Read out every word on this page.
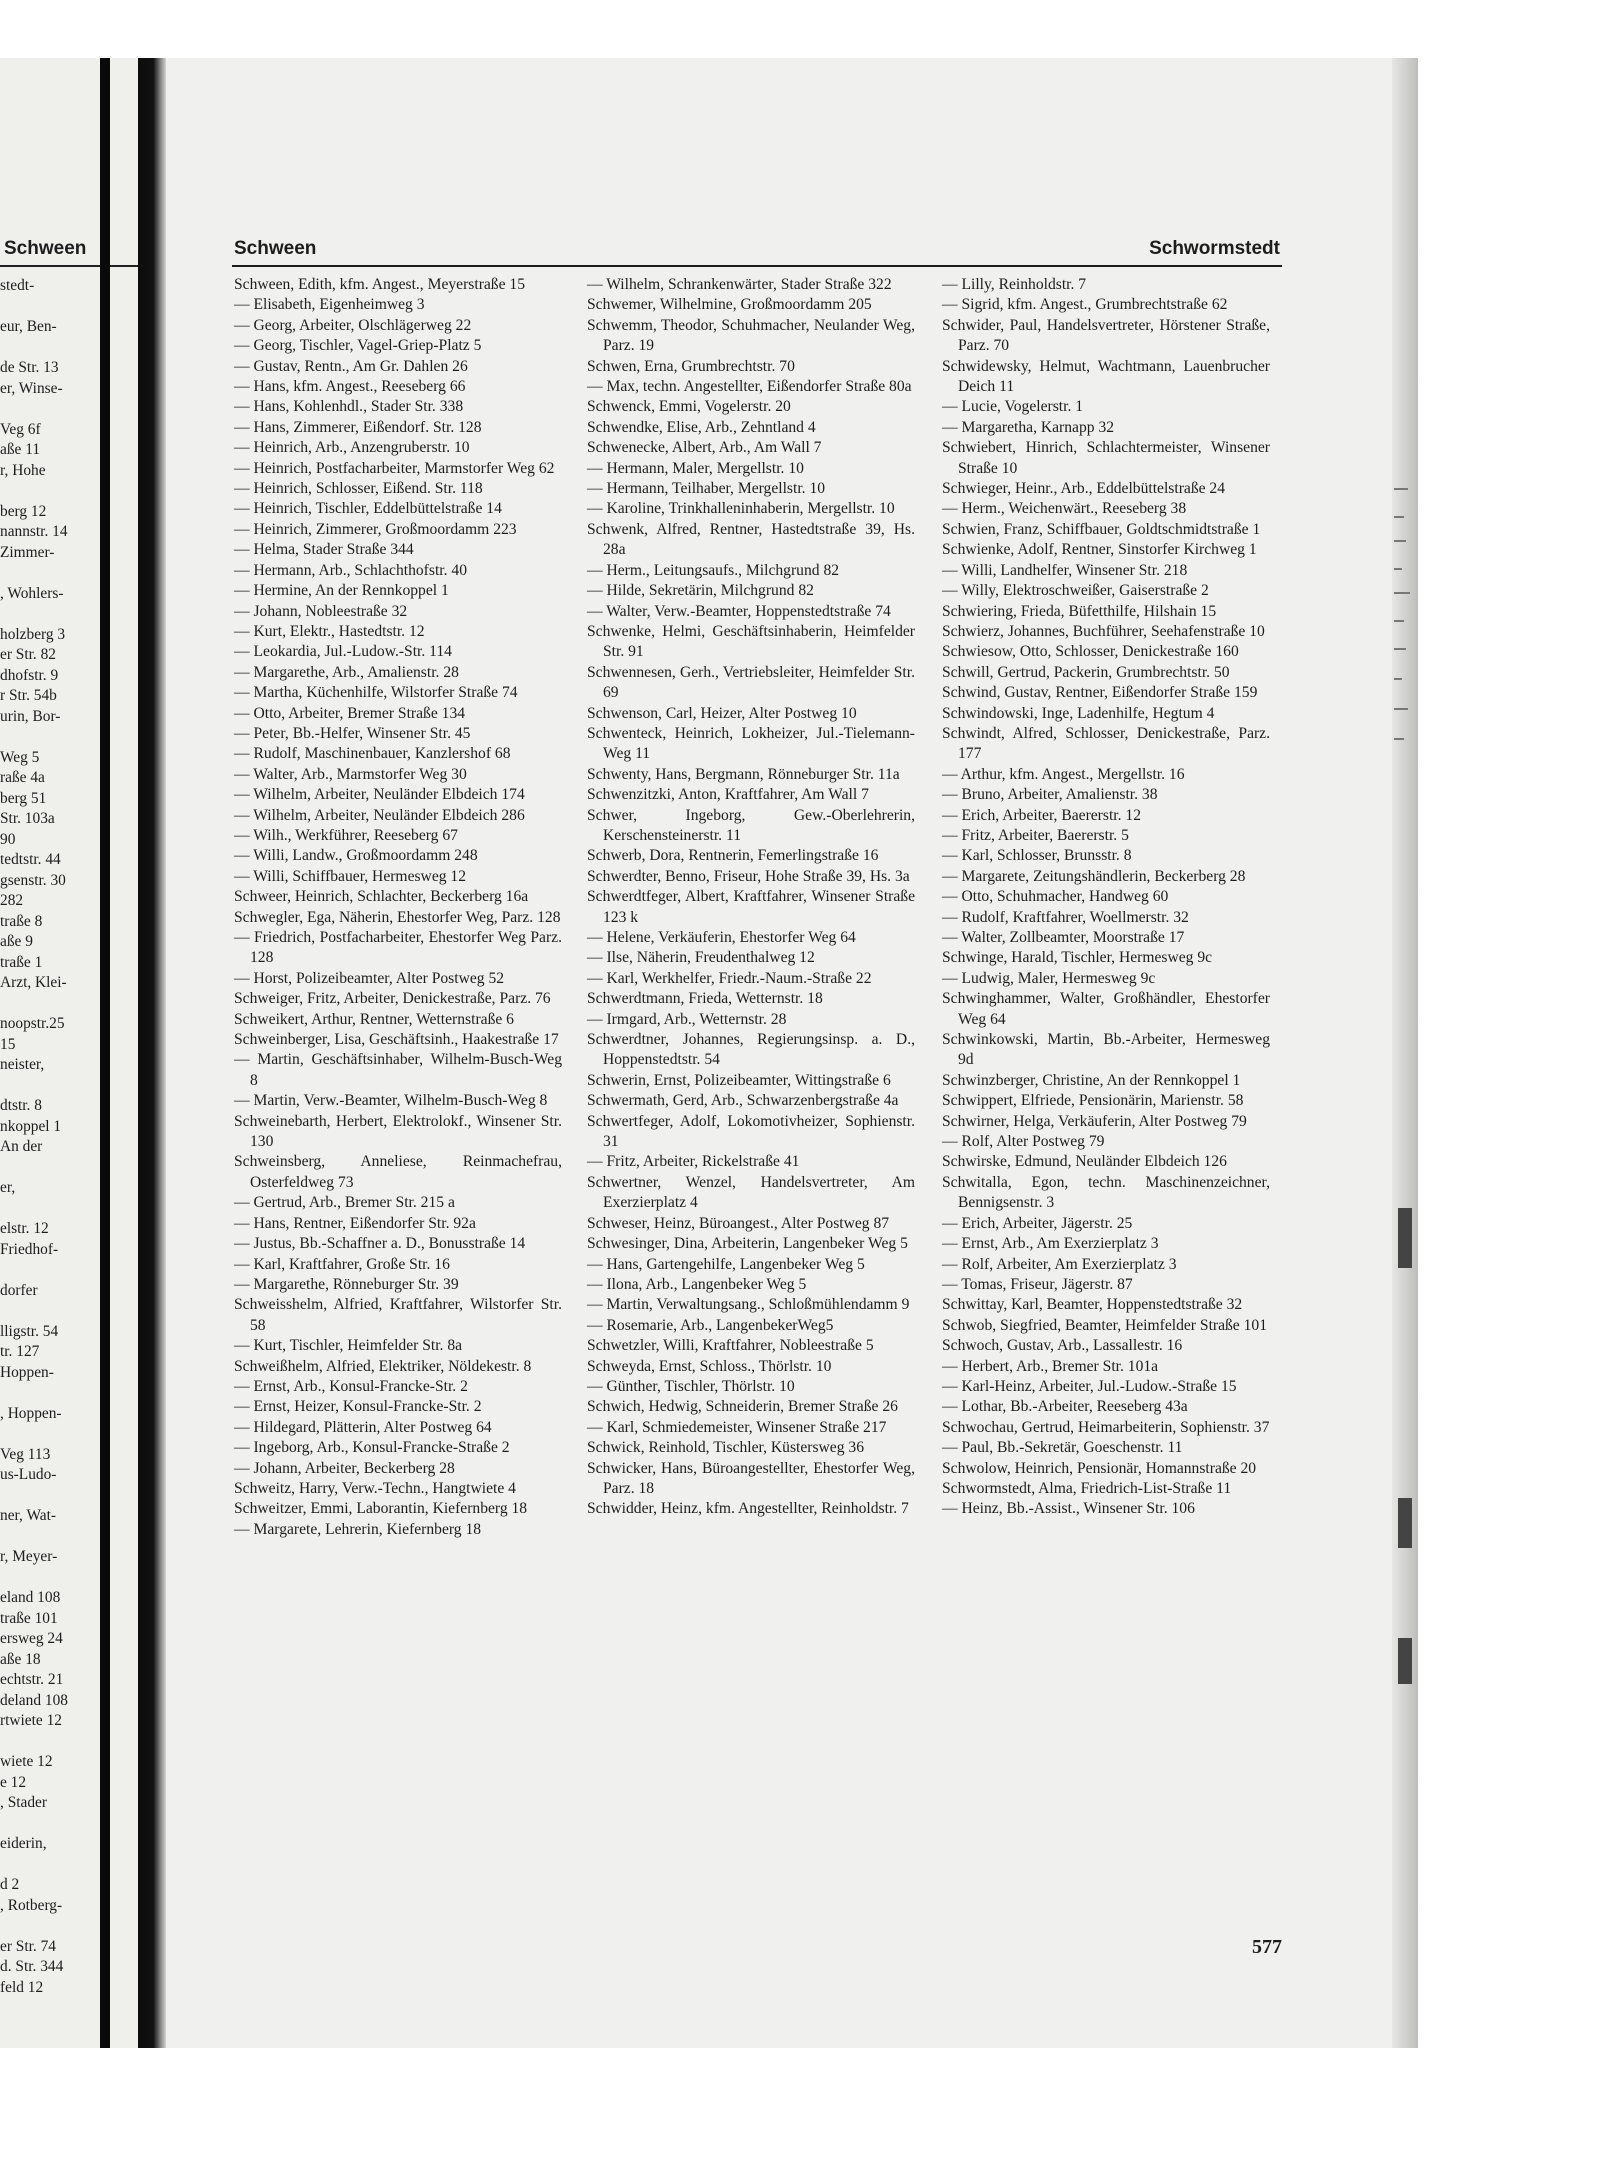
Schween
stedt-

eur, Ben-

de Str. 13
er, Winse-

Veg 6f
aße 11
r, Hohe

berg 12
nannstr. 14
Zimmer-

, Wohlers-

holzberg 3
er Str. 82
dhofstr. 9
r Str. 54b
urin, Bor-

Weg 5
raße 4a
berg 51
Str. 103a
90
tedtstr. 44
gsenstr. 30
282
traße 8
aße 9
traße 1
Arzt, Klei-

noopstr.25
15
neister,

dtstr. 8
nkoppel 1
An der

er,

elstr. 12
Friedhof-

dorfer

lligstr. 54
tr. 127
Hoppen-

, Hoppen-

Veg 113
us-Ludo-

ner, Wat-

r, Meyer-

eland 108
traße 101
ersweg 24
aße 18
echtstr. 21
deland 108
rtwiete 12

wiete 12
e 12
, Stader

eiderin,

d 2
, Rotberg-

er Str. 74
d. Str. 344
feld 12
Schween	Schwormstedt

Schween, Edith, kfm. Angest., Meyerstraße 15

— Elisabeth, Eigenheimweg 3

— Georg, Arbeiter, Olschlägerweg 22

— Georg, Tischler, Vagel-Griep-Platz 5

— Gustav, Rentn., Am Gr. Dahlen 26

— Hans, kfm. Angest., Reeseberg 66

— Hans, Kohlenhdl., Stader Str. 338

— Hans, Zimmerer, Eißendorf. Str. 128

— Heinrich, Arb., Anzengruberstr. 10

— Heinrich, Postfacharbeiter, Marmstorfer Weg 62

— Heinrich, Schlosser, Eißend. Str. 118

— Heinrich, Tischler, Eddelbüttelstraße 14

— Heinrich, Zimmerer, Großmoordamm 223

— Helma, Stader Straße 344

— Hermann, Arb., Schlachthofstr. 40

— Hermine, An der Rennkoppel 1

— Johann, Nobleestraße 32

— Kurt, Elektr., Hastedtstr. 12

— Leokardia, Jul.-Ludow.-Str. 114

— Margarethe, Arb., Amalienstr. 28

— Martha, Küchenhilfe, Wilstorfer Straße 74

— Otto, Arbeiter, Bremer Straße 134

— Peter, Bb.-Helfer, Winsener Str. 45

— Rudolf, Maschinenbauer, Kanzlershof 68

— Walter, Arb., Marmstorfer Weg 30

— Wilhelm, Arbeiter, Neuländer Elbdeich 174

— Wilhelm, Arbeiter, Neuländer Elbdeich 286

— Wilh., Werkführer, Reeseberg 67

— Willi, Landw., Großmoordamm 248

— Willi, Schiffbauer, Hermesweg 12

Schweer, Heinrich, Schlachter, Beckerberg 16a

Schwegler, Ega, Näherin, Ehestorfer Weg, Parz. 128

— Friedrich, Postfacharbeiter, Ehestorfer Weg Parz. 128

— Horst, Polizeibeamter, Alter Postweg 52

Schweiger, Fritz, Arbeiter, Denickestraße, Parz. 76

Schweikert, Arthur, Rentner, Wetternstraße 6

Schweinberger, Lisa, Geschäftsinh., Haakestraße 17

— Martin, Geschäftsinhaber, Wilhelm-Busch-Weg 8

— Martin, Verw.-Beamter, Wilhelm-Busch-Weg 8

Schweinebarth, Herbert, Elektrolokf., Winsener Str. 130

Schweinsberg, Anneliese, Reinmachefrau, Osterfeldweg 73

— Gertrud, Arb., Bremer Str. 215 a

— Hans, Rentner, Eißendorfer Str. 92a

— Justus, Bb.-Schaffner a. D., Bonusstraße 14

— Karl, Kraftfahrer, Große Str. 16

— Margarethe, Rönneburger Str. 39

Schweisshelm, Alfried, Kraftfahrer, Wilstorfer Str. 58

— Kurt, Tischler, Heimfelder Str. 8a

Schweißhelm, Alfried, Elektriker, Nöldekestr. 8

— Ernst, Arb., Konsul-Francke-Str. 2

— Ernst, Heizer, Konsul-Francke-Str. 2

— Hildegard, Plätterin, Alter Postweg 64

— Ingeborg, Arb., Konsul-Francke-Straße 2

— Johann, Arbeiter, Beckerberg 28

Schweitz, Harry, Verw.-Techn., Hangtwiete 4

Schweitzer, Emmi, Laborantin, Kiefernberg 18

— Margarete, Lehrerin, Kiefernberg 18

— Wilhelm, Schrankenwärter, Stader Straße 322

Schwemer, Wilhelmine, Großmoordamm 205

Schwemm, Theodor, Schuhmacher, Neulander Weg, Parz. 19

Schwen, Erna, Grumbrechtstr. 70

— Max, techn. Angestellter, Eißendorfer Straße 80a

Schwenck, Emmi, Vogelerstr. 20

Schwendke, Elise, Arb., Zehntland 4

Schwenecke, Albert, Arb., Am Wall 7

— Hermann, Maler, Mergellstr. 10

— Hermann, Teilhaber, Mergellstr. 10

— Karoline, Trinkhalleninhaberin, Mergellstr. 10

Schwenk, Alfred, Rentner, Hastedtstraße 39, Hs. 28a

— Herm., Leitungsaufs., Milchgrund 82

— Hilde, Sekretärin, Milchgrund 82

— Walter, Verw.-Beamter, Hoppenstedtstraße 74

Schwenke, Helmi, Geschäftsinhaberin, Heimfelder Str. 91

Schwennesen, Gerh., Vertriebsleiter, Heimfelder Str. 69

Schwenson, Carl, Heizer, Alter Postweg 10

Schwenteck, Heinrich, Lokheizer, Jul.-Tielemann-Weg 11

Schwenty, Hans, Bergmann, Rönneburger Str. 11a

Schwenzitzki, Anton, Kraftfahrer, Am Wall 7

Schwer, Ingeborg, Gew.-Oberlehrerin, Kerschensteinerstr. 11

Schwerb, Dora, Rentnerin, Femerlingstraße 16

Schwerdter, Benno, Friseur, Hohe Straße 39, Hs. 3a

Schwerdtfeger, Albert, Kraftfahrer, Winsener Straße 123 k

— Helene, Verkäuferin, Ehestorfer Weg 64

— Ilse, Näherin, Freudenthalweg 12

— Karl, Werkhelfer, Friedr.-Naum.-Straße 22

Schwerdtmann, Frieda, Wetternstr. 18

— Irmgard, Arb., Wetternstr. 28

Schwerdtner, Johannes, Regierungsinsp. a. D., Hoppenstedtstr. 54

Schwerin, Ernst, Polizeibeamter, Wittingstraße 6

Schwermath, Gerd, Arb., Schwarzenbergstraße 4a

Schwertfeger, Adolf, Lokomotivheizer, Sophienstr. 31

— Fritz, Arbeiter, Rickelstraße 41

Schwertner, Wenzel, Handelsvertreter, Am Exerzierplatz 4

Schweser, Heinz, Büroangest., Alter Postweg 87

Schwesinger, Dina, Arbeiterin, Langenbeker Weg 5

— Hans, Gartengehilfe, Langenbeker Weg 5

— Ilona, Arb., Langenbeker Weg 5

— Martin, Verwaltungsang., Schloßmühlendamm 9

— Rosemarie, Arb., LangenbekerWeg5

Schwetzler, Willi, Kraftfahrer, Nobleestraße 5

Schweyda, Ernst, Schloss., Thörlstr. 10

— Günther, Tischler, Thörlstr. 10

Schwich, Hedwig, Schneiderin, Bremer Straße 26

— Karl, Schmiedemeister, Winsener Straße 217

Schwick, Reinhold, Tischler, Küstersweg 36

Schwicker, Hans, Büroangestellter, Ehestorfer Weg, Parz. 18

Schwidder, Heinz, kfm. Angestellter, Reinholdstr. 7

— Lilly, Reinholdstr. 7

— Sigrid, kfm. Angest., Grumbrechtstraße 62

Schwider, Paul, Handelsvertreter, Hörstener Straße, Parz. 70

Schwidewsky, Helmut, Wachtmann, Lauenbrucher Deich 11

— Lucie, Vogelerstr. 1

— Margaretha, Karnapp 32

Schwiebert, Hinrich, Schlachtermeister, Winsener Straße 10

Schwieger, Heinr., Arb., Eddelbüttelstraße 24

— Herm., Weichenwärt., Reeseberg 38

Schwien, Franz, Schiffbauer, Goldtschmidtstraße 1

Schwienke, Adolf, Rentner, Sinstorfer Kirchweg 1

— Willi, Landhelfer, Winsener Str. 218

— Willy, Elektroschweißer, Gaiserstraße 2

Schwiering, Frieda, Büfetthilfe, Hilshain 15

Schwierz, Johannes, Buchführer, Seehafenstraße 10

Schwiesow, Otto, Schlosser, Denickestraße 160

Schwill, Gertrud, Packerin, Grumbrechtstr. 50

Schwind, Gustav, Rentner, Eißendorfer Straße 159

Schwindowski, Inge, Ladenhilfe, Hegtum 4

Schwindt, Alfred, Schlosser, Denickestraße, Parz. 177

— Arthur, kfm. Angest., Mergellstr. 16

— Bruno, Arbeiter, Amalienstr. 38

— Erich, Arbeiter, Baererstr. 12

— Fritz, Arbeiter, Baererstr. 5

— Karl, Schlosser, Brunsstr. 8

— Margarete, Zeitungshändlerin, Beckerberg 28

— Otto, Schuhmacher, Handweg 60

— Rudolf, Kraftfahrer, Woellmerstr. 32

— Walter, Zollbeamter, Moorstraße 17

Schwinge, Harald, Tischler, Hermesweg 9c

— Ludwig, Maler, Hermesweg 9c

Schwinghammer, Walter, Großhändler, Ehestorfer Weg 64

Schwinkowski, Martin, Bb.-Arbeiter, Hermesweg 9d

Schwinzberger, Christine, An der Rennkoppel 1

Schwippert, Elfriede, Pensionärin, Marienstr. 58

Schwirner, Helga, Verkäuferin, Alter Postweg 79

— Rolf, Alter Postweg 79

Schwirske, Edmund, Neuländer Elbdeich 126

Schwitalla, Egon, techn. Maschinenzeichner, Bennigsenstr. 3

— Erich, Arbeiter, Jägerstr. 25

— Ernst, Arb., Am Exerzierplatz 3

— Rolf, Arbeiter, Am Exerzierplatz 3

— Tomas, Friseur, Jägerstr. 87

Schwittay, Karl, Beamter, Hoppenstedtstraße 32

Schwob, Siegfried, Beamter, Heimfelder Straße 101

Schwoch, Gustav, Arb., Lassallestr. 16

— Herbert, Arb., Bremer Str. 101a

— Karl-Heinz, Arbeiter, Jul.-Ludow.-Straße 15

— Lothar, Bb.-Arbeiter, Reeseberg 43a

Schwochau, Gertrud, Heimarbeiterin, Sophienstr. 37

— Paul, Bb.-Sekretär, Goeschenstr. 11

Schwolow, Heinrich, Pensionär, Homannstraße 20

Schwormstedt, Alma, Friedrich-List-Straße 11

— Heinz, Bb.-Assist., Winsener Str. 106

577
